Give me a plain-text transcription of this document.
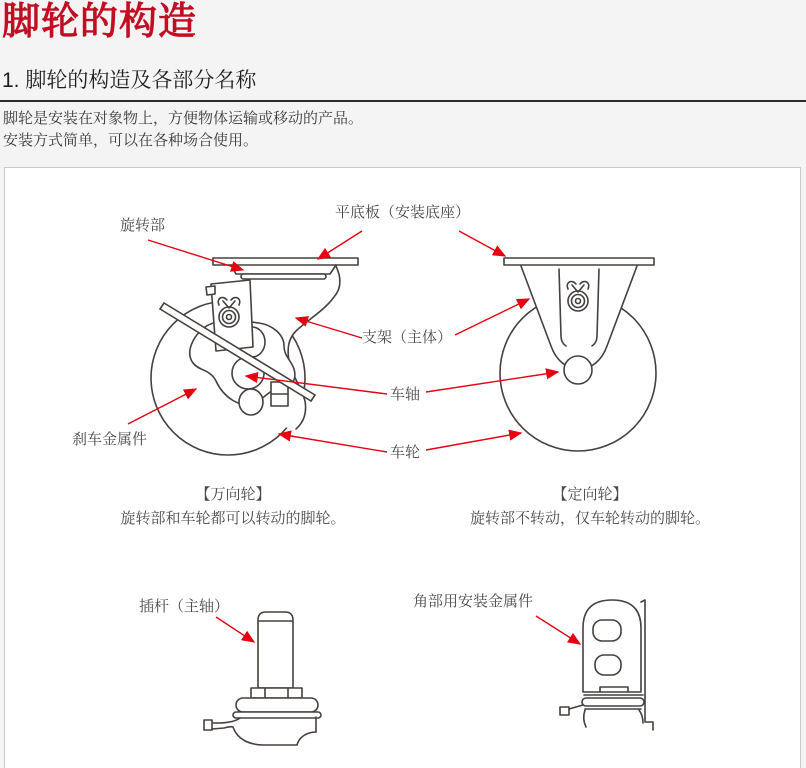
脚轮的构造
1. 脚轮的构造及各部分名称
脚轮是安装在对象物上，方便物体运输或移动的产品。
安装方式简单，可以在各种场合使用。
旋转部
平底板（安装底座）
支架（主体）
车轴
车轮
刹车金属件
插杆（主轴）	角部用安装金属件
【万向轮】
旋转部和车轮都可以转动的脚轮。
【定向轮】
旋转部不转动，仅车轮转动的脚轮。
